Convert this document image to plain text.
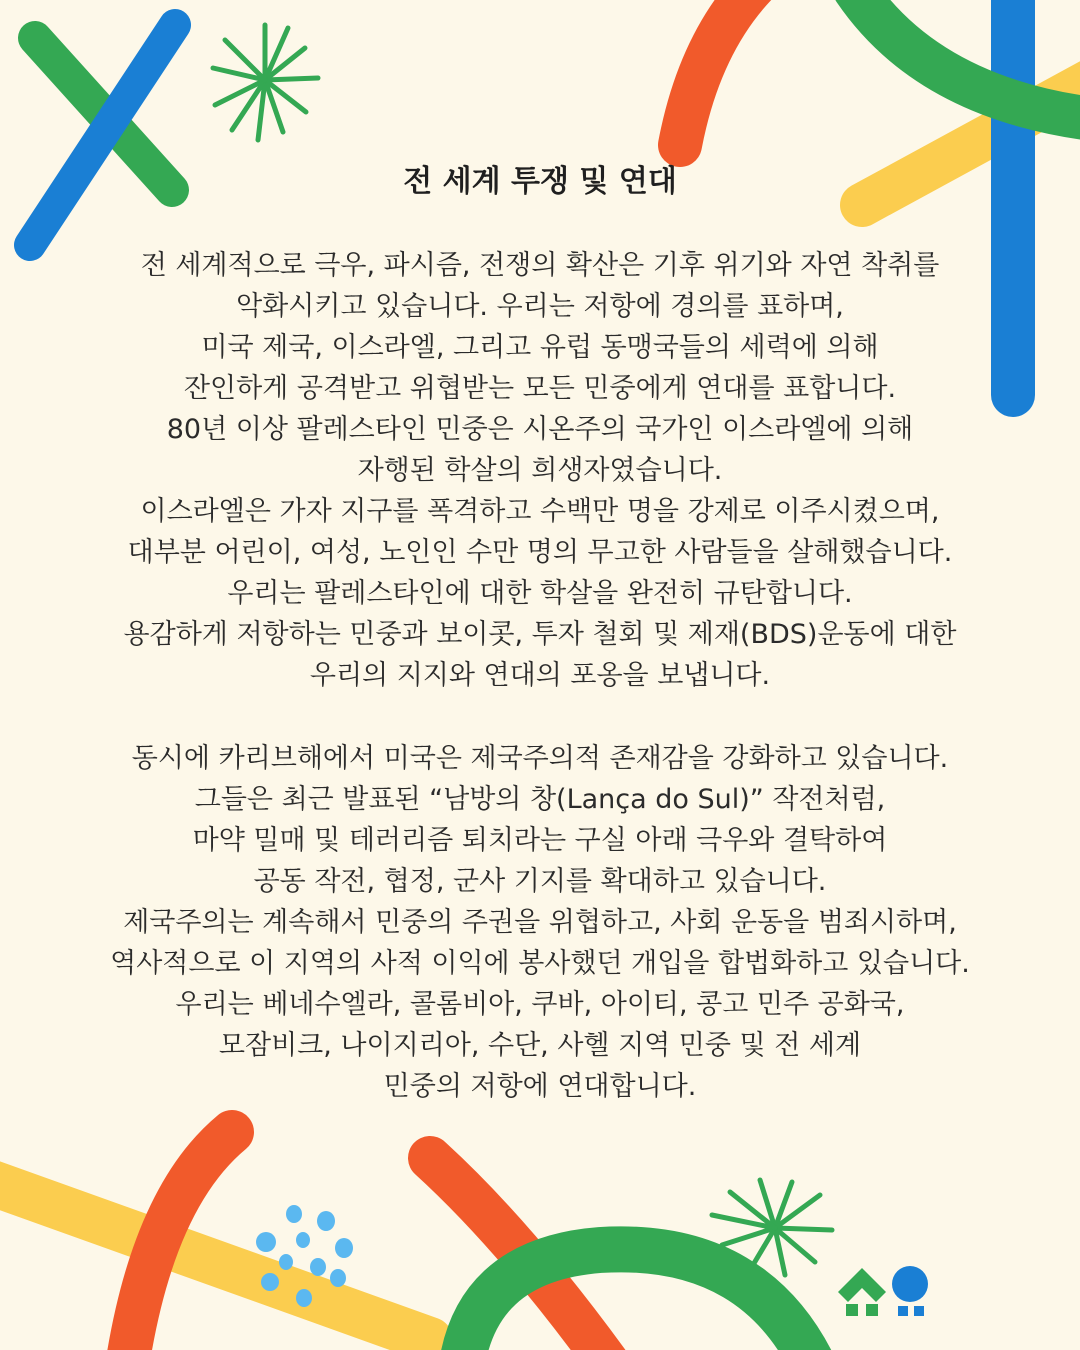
전 세계 투쟁 및 연대
전 세계적으로 극우, 파시즘, 전쟁의 확산은 기후 위기와 자연 착취를
악화시키고 있습니다. 우리는 저항에 경의를 표하며,
미국 제국, 이스라엘, 그리고 유럽 동맹국들의 세력에 의해
잔인하게 공격받고 위협받는 모든 민중에게 연대를 표합니다.
80년 이상 팔레스타인 민중은 시온주의 국가인 이스라엘에 의해
자행된 학살의 희생자였습니다.
이스라엘은 가자 지구를 폭격하고 수백만 명을 강제로 이주시켰으며,
대부분 어린이, 여성, 노인인 수만 명의 무고한 사람들을 살해했습니다.
우리는 팔레스타인에 대한 학살을 완전히 규탄합니다.
용감하게 저항하는 민중과 보이콧, 투자 철회 및 제재(BDS)운동에 대한
우리의 지지와 연대의 포옹을 보냅니다.
동시에 카리브해에서 미국은 제국주의적 존재감을 강화하고 있습니다.
그들은 최근 발표된 “남방의 창(Lança do Sul)” 작전처럼,
마약 밀매 및 테러리즘 퇴치라는 구실 아래 극우와 결탁하여
공동 작전, 협정, 군사 기지를 확대하고 있습니다.
제국주의는 계속해서 민중의 주권을 위협하고, 사회 운동을 범죄시하며,
역사적으로 이 지역의 사적 이익에 봉사했던 개입을 합법화하고 있습니다.
우리는 베네수엘라, 콜롬비아, 쿠바, 아이티, 콩고 민주 공화국,
모잠비크, 나이지리아, 수단, 사헬 지역 민중 및 전 세계
민중의 저항에 연대합니다.
